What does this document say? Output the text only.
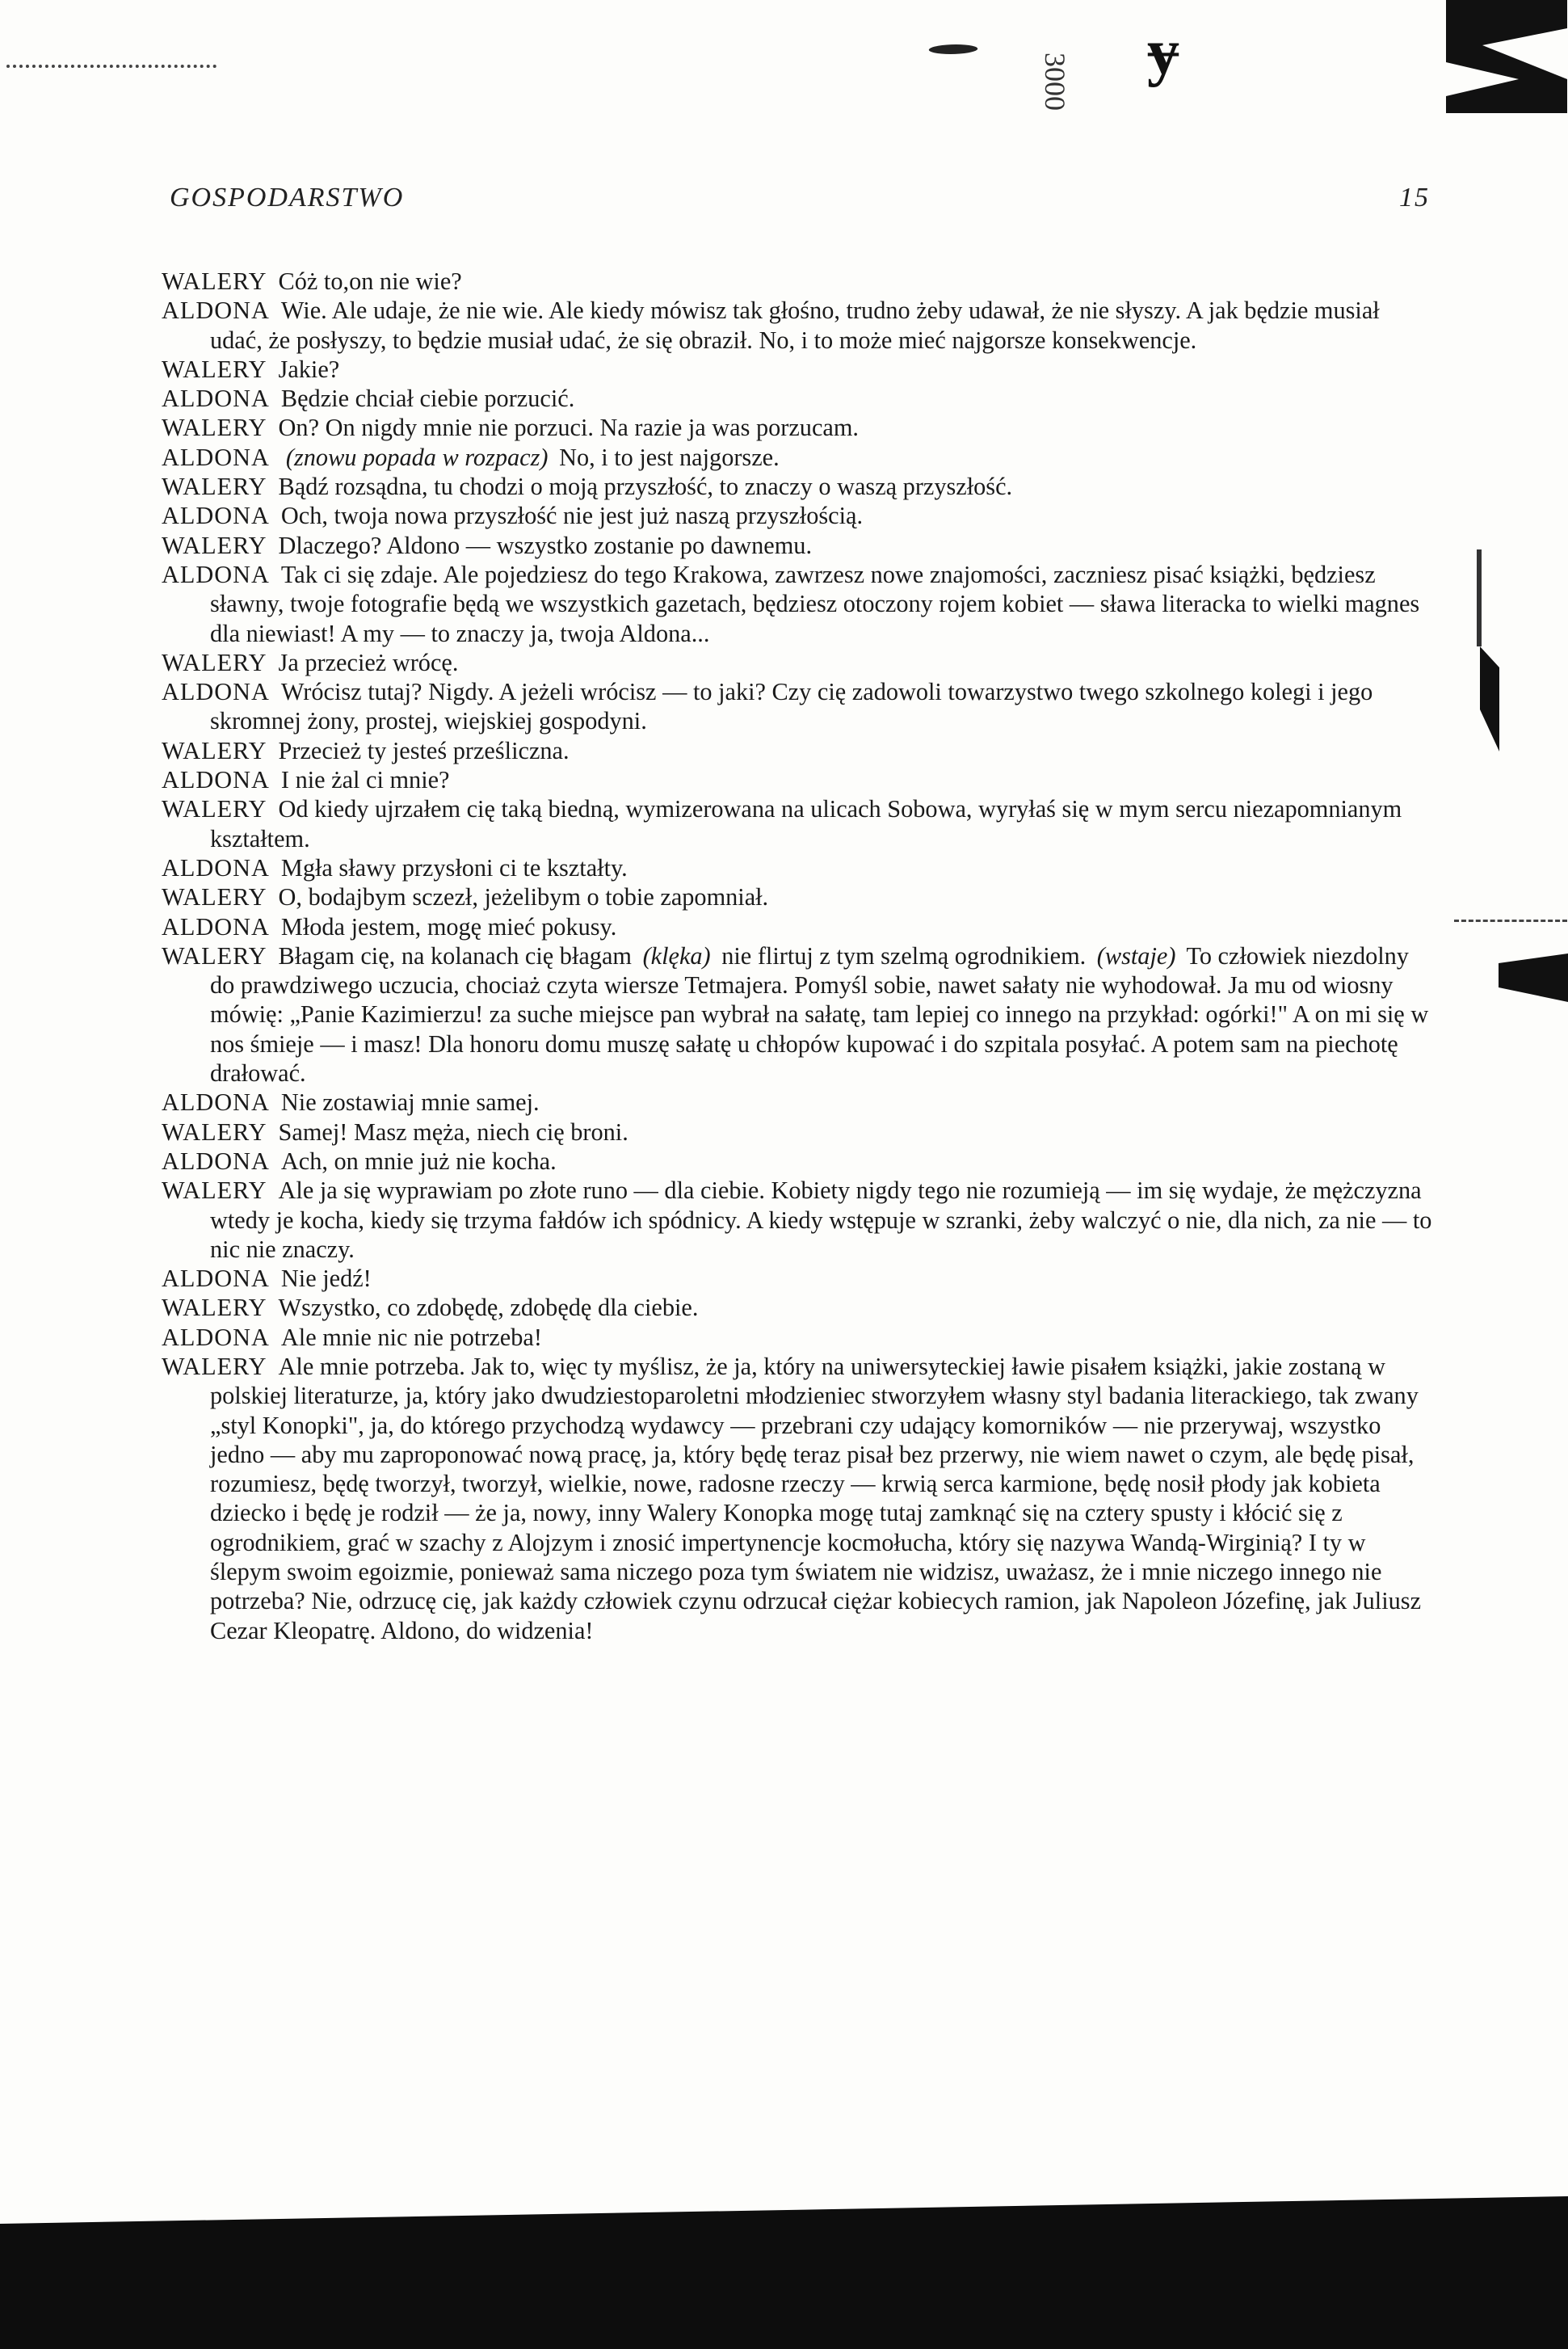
3000 ɏ
GOSPODARSTWO	15

WALERY Cóż to,on nie wie?

ALDONA Wie. Ale udaje, że nie wie. Ale kiedy mówisz tak głośno, trudno żeby udawał, że nie słyszy. A jak będzie musiał udać, że posłyszy, to będzie musiał udać, że się obraził. No, i to może mieć najgorsze konsekwencje.

WALERY Jakie?

ALDONA Będzie chciał ciebie porzucić.

WALERY On? On nigdy mnie nie porzuci. Na razie ja was porzucam.

ALDONA (znowu popada w rozpacz) No, i to jest najgorsze.

WALERY Bądź rozsądna, tu chodzi o moją przyszłość, to znaczy o waszą przyszłość.

ALDONA Och, twoja nowa przyszłość nie jest już naszą przyszłością.

WALERY Dlaczego? Aldono — wszystko zostanie po dawnemu.

ALDONA Tak ci się zdaje. Ale pojedziesz do tego Krakowa, zawrzesz nowe znajomości, zaczniesz pisać książki, będziesz sławny, twoje fotografie będą we wszystkich gazetach, będziesz otoczony rojem kobiet — sława literacka to wielki magnes dla niewiast! A my — to znaczy ja, twoja Aldona...

WALERY Ja przecież wrócę.

ALDONA Wrócisz tutaj? Nigdy. A jeżeli wrócisz — to jaki? Czy cię zadowoli towarzystwo twego szkolnego kolegi i jego skromnej żony, prostej, wiejskiej gospodyni.

WALERY Przecież ty jesteś prześliczna.

ALDONA I nie żal ci mnie?

WALERY Od kiedy ujrzałem cię taką biedną, wymizerowana na ulicach Sobowa, wyryłaś się w mym sercu niezapomnianym kształtem.

ALDONA Mgła sławy przysłoni ci te kształty.

WALERY O, bodajbym sczezł, jeżelibym o tobie zapomniał.

ALDONA Młoda jestem, mogę mieć pokusy.

WALERY Błagam cię, na kolanach cię błagam (klęka) nie flirtuj z tym szelmą ogrodnikiem. (wstaje) To człowiek niezdolny do prawdziwego uczucia, chociaż czyta wiersze Tetmajera. Pomyśl sobie, nawet sałaty nie wyhodował. Ja mu od wiosny mówię: „Panie Kazimierzu! za suche miejsce pan wybrał na sałatę, tam lepiej co innego na przykład: ogórki!" A on mi się w nos śmieje — i masz! Dla honoru domu muszę sałatę u chłopów kupować i do szpitala posyłać. A potem sam na piechotę drałować.

ALDONA Nie zostawiaj mnie samej.

WALERY Samej! Masz męża, niech cię broni.

ALDONA Ach, on mnie już nie kocha.

WALERY Ale ja się wyprawiam po złote runo — dla ciebie. Kobiety nigdy tego nie rozumieją — im się wydaje, że mężczyzna wtedy je kocha, kiedy się trzyma fałdów ich spódnicy. A kiedy wstępuje w szranki, żeby walczyć o nie, dla nich, za nie — to nic nie znaczy.

ALDONA Nie jedź!

WALERY Wszystko, co zdobędę, zdobędę dla ciebie.

ALDONA Ale mnie nic nie potrzeba!

WALERY Ale mnie potrzeba. Jak to, więc ty myślisz, że ja, który na uniwersyteckiej ławie pisałem książki, jakie zostaną w polskiej literaturze, ja, który jako dwudziestoparoletni młodzieniec stworzyłem własny styl badania literackiego, tak zwany „styl Konopki", ja, do którego przychodzą wydawcy — przebrani czy udający komorników — nie przerywaj, wszystko jedno — aby mu zaproponować nową pracę, ja, który będę teraz pisał bez przerwy, nie wiem nawet o czym, ale będę pisał, rozumiesz, będę tworzył, tworzył, wielkie, nowe, radosne rzeczy — krwią serca karmione, będę nosił płody jak kobieta dziecko i będę je rodził — że ja, nowy, inny Walery Konopka mogę tutaj zamknąć się na cztery spusty i kłócić się z ogrodnikiem, grać w szachy z Alojzym i znosić impertynencje kocmołucha, który się nazywa Wandą-Wirginią? I ty w ślepym swoim egoizmie, ponieważ sama niczego poza tym światem nie widzisz, uważasz, że i mnie niczego innego nie potrzeba? Nie, odrzucę cię, jak każdy człowiek czynu odrzucał ciężar kobiecych ramion, jak Napoleon Józefinę, jak Juliusz Cezar Kleopatrę. Aldono, do widzenia!
